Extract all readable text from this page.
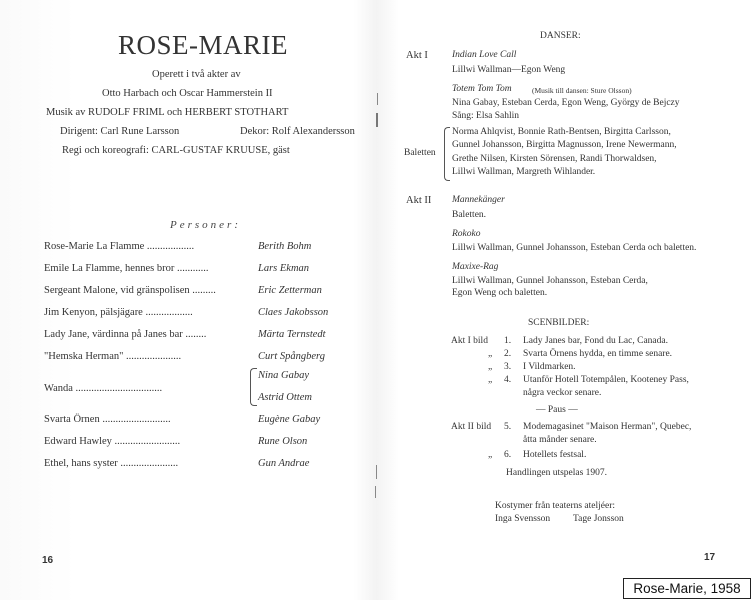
ROSE-MARIE
Operett i två akter av
Otto Harbach och Oscar Hammerstein II
Musik av RUDOLF FRIML och HERBERT STOTHART
Dirigent: Carl Rune Larsson	Dekor: Rolf Alexandersson
Regi och koreografi: CARL-GUSTAF KRUUSE, gäst
Personer:
Rose-Marie La Flamme ..................	Berith Bohm
Emile La Flamme, hennes bror ............	Lars Ekman
Sergeant Malone, vid gränspolisen .........	Eric Zetterman
Jim Kenyon, pälsjägare ..................	Claes Jakobsson
Lady Jane, värdinna på Janes bar ........	Märta Ternstedt
"Hemska Herman" .....................	Curt Spångberg
Wanda .................................
Nina Gabay
Astrid Ottem
Svarta Örnen ..........................	Eugène Gabay
Edward Hawley .........................	Rune Olson
Ethel, hans syster ......................	Gun Andrae
16
DANSER:
Akt I	Indian Love Call
Lillwi Wallman—Egon Weng
Totem Tom Tom	(Musik till dansen: Sture Olsson)
Nina Gabay, Esteban Cerda, Egon Weng, György de Bejczy
Sång: Elsa Sahlin
Baletten
Norma Ahlqvist, Bonnie Rath-Bentsen, Birgitta Carlsson,
Gunnel Johansson, Birgitta Magnusson, Irene Newermann,
Grethe Nilsen, Kirsten Sörensen, Randi Thorwaldsen,
Lillwi Wallman, Margreth Wihlander.
Akt II Mannekänger
Baletten.
Rokoko
Lillwi Wallman, Gunnel Johansson, Esteban Cerda och baletten.
Maxixe-Rag
Lillwi Wallman, Gunnel Johansson, Esteban Cerda,
Egon Weng och baletten.
SCENBILDER:
Akt I bild 1. Lady Janes bar, Fond du Lac, Canada.
„ 2. Svarta Örnens hydda, en timme senare.
„ 3. I Vildmarken.
„ 4. Utanför Hotell Totempålen, Kooteney Pass,
några veckor senare.
— Paus —
Akt II bild 5. Modemagasinet "Maison Herman", Quebec,
åtta månder senare.
„ 6. Hotellets festsal.
Handlingen utspelas 1907.
Kostymer från teaterns ateljéer:
Inga Svensson Tage Jonsson
17
Rose-Marie, 1958
